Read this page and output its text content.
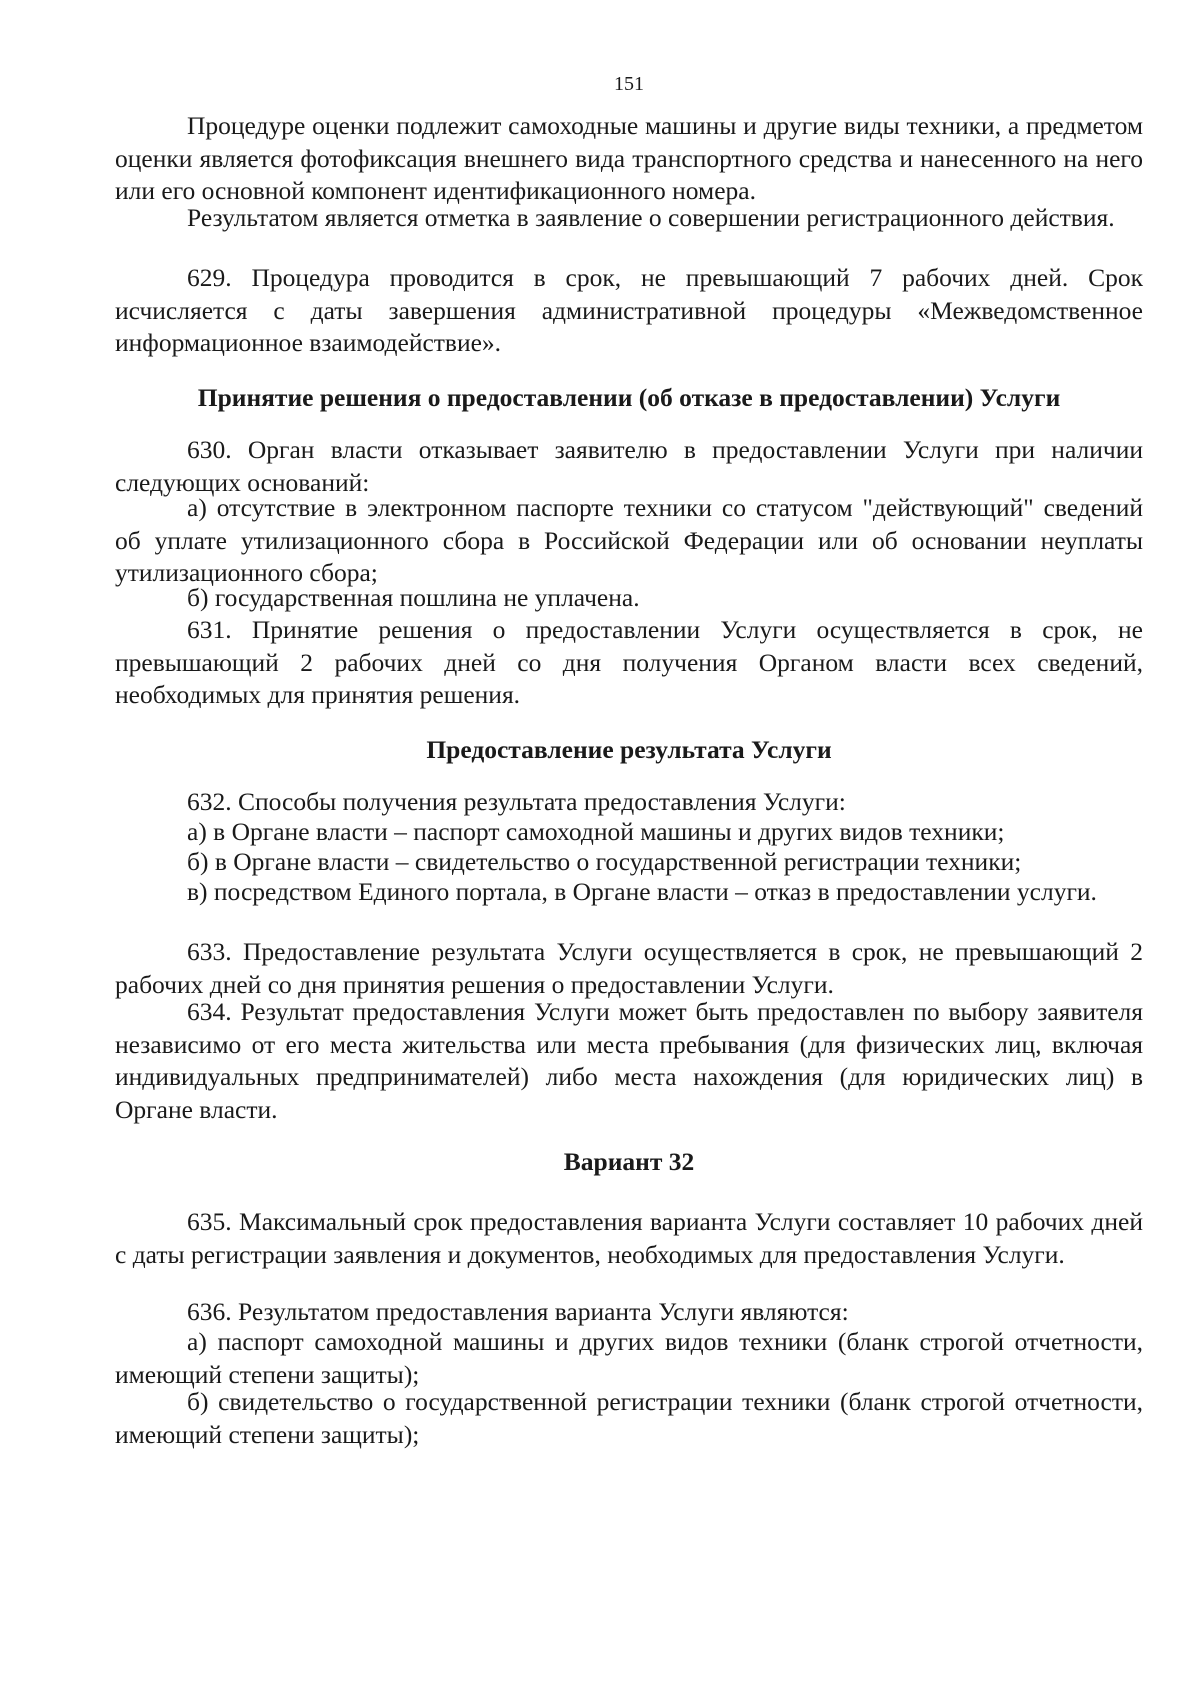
151

Процедуре оценки подлежит самоходные машины и другие виды техники, а предметом оценки является фотофиксация внешнего вида транспортного средства и нанесенного на него или его основной компонент идентификационного номера.

Результатом является отметка в заявление о совершении регистрационного действия.

629. Процедура проводится в срок, не превышающий 7 рабочих дней. Срок исчисляется с даты завершения административной процедуры «Межведомственное информационное взаимодействие».

Принятие решения о предоставлении (об отказе в предоставлении) Услуги

630. Орган власти отказывает заявителю в предоставлении Услуги при наличии следующих оснований:

а) отсутствие в электронном паспорте техники со статусом "действующий" сведений об уплате утилизационного сбора в Российской Федерации или об основании неуплаты утилизационного сбора;

б) государственная пошлина не уплачена.

631. Принятие решения о предоставлении Услуги осуществляется в срок, не превышающий 2 рабочих дней со дня получения Органом власти всех сведений, необходимых для принятия решения.

Предоставление результата Услуги

632. Способы получения результата предоставления Услуги:

а) в Органе власти – паспорт самоходной машины и других видов техники;

б) в Органе власти – свидетельство о государственной регистрации техники;

в) посредством Единого портала, в Органе власти – отказ в предоставлении услуги.

633. Предоставление результата Услуги осуществляется в срок, не превышающий 2 рабочих дней со дня принятия решения о предоставлении Услуги.

634. Результат предоставления Услуги может быть предоставлен по выбору заявителя независимо от его места жительства или места пребывания (для физических лиц, включая индивидуальных предпринимателей) либо места нахождения (для юридических лиц) в Органе власти.

Вариант 32

635. Максимальный срок предоставления варианта Услуги составляет 10 рабочих дней с даты регистрации заявления и документов, необходимых для предоставления Услуги.

636. Результатом предоставления варианта Услуги являются:

а) паспорт самоходной машины и других видов техники (бланк строгой отчетности, имеющий степени защиты);

б) свидетельство о государственной регистрации техники (бланк строгой отчетности, имеющий степени защиты);
